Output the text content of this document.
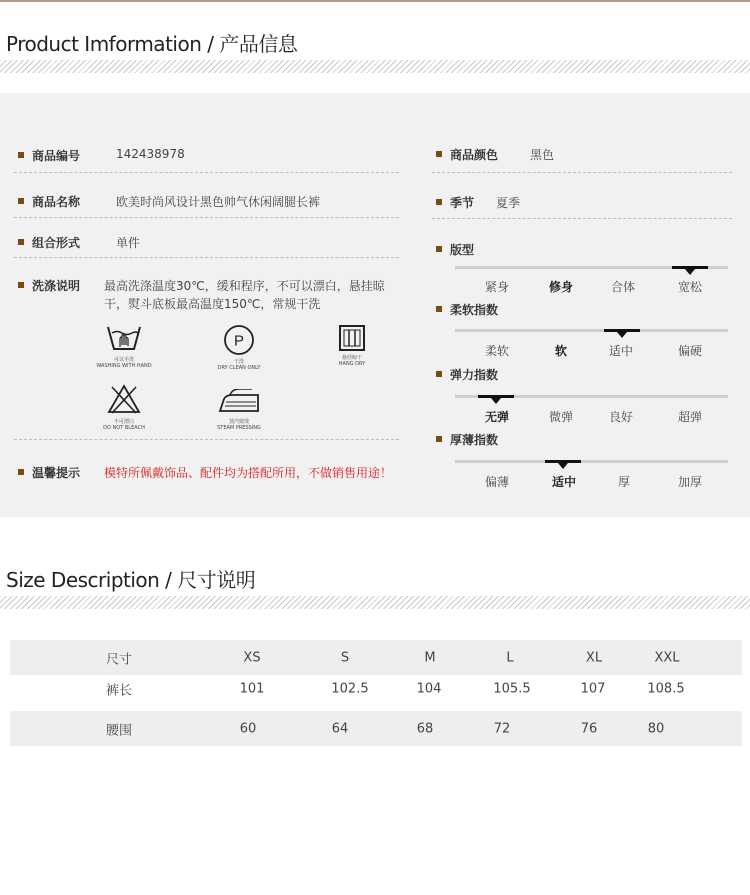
Product Imformation / 产品信息
商品编号	142438978
商品名称	欧美时尚风设计黑色帅气休闲阔腿长裤
组合形式	单件
洗涤说明 最高洗涤温度30℃，缓和程序，不可以漂白，悬挂晾干，熨斗底板最高温度150℃，常规干洗
可以手洗
WASHING WITH HAND
P
干洗
DRY CLEAN ONLY
悬挂晾干
HANG DRY
不可漂白
DO NOT BLEACH
蒸汽熨烫
STEAM PRESSING
温馨提示 模特所佩戴饰品、配件均为搭配所用，不做销售用途！
商品颜色	黑色
季节 夏季
版型
紧身	修身	合体	宽松
柔软指数
柔软	软	适中	偏硬
弹力指数
无弹	微弹	良好	超弹
厚薄指数
偏薄	适中	厚	加厚
Size Description / 尺寸说明
尺寸	XS	S	M	L	XL	XXL
裤长	101	102.5	104	105.5	107	108.5
腰围	60	64	68	72	76	80
